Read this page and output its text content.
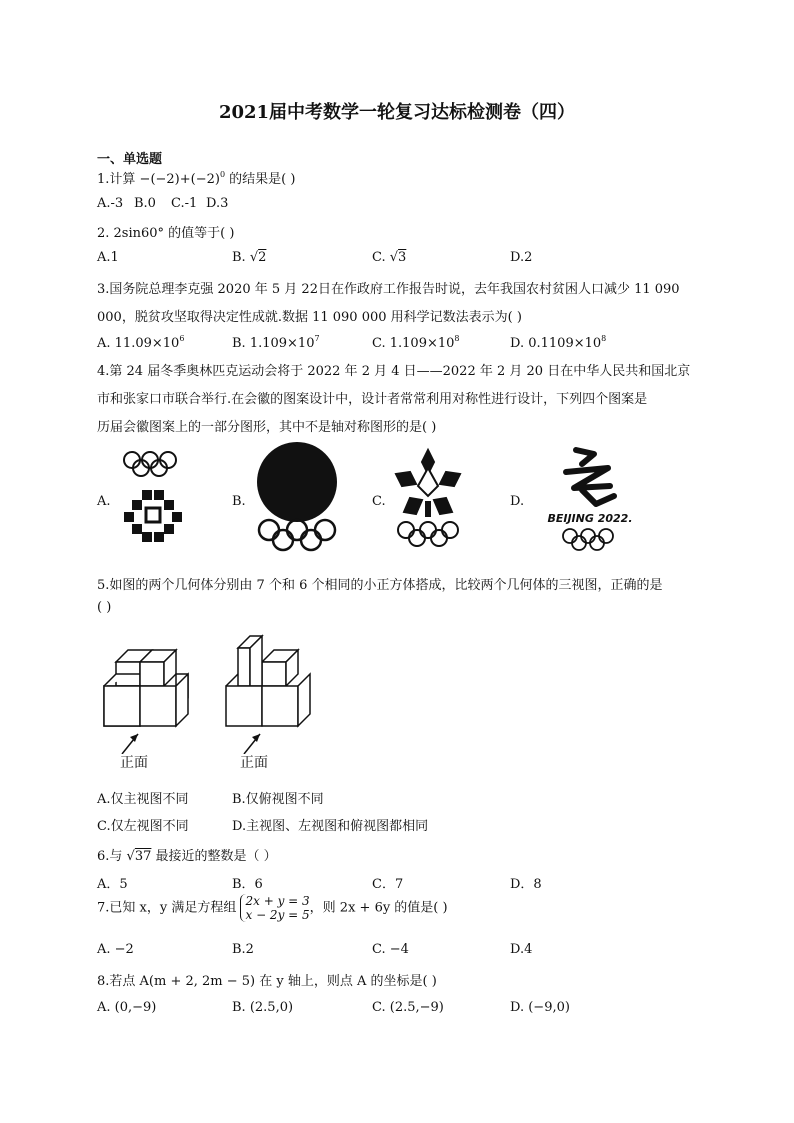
2021届中考数学一轮复习达标检测卷（四）
一、单选题
1.计算 $-(-2)+(-2)^0$ 的结果是( )
A.-3 B.0 C.-1 D.3
2. 2sin60° 的值等于( )
A.1	B. √2	C. √3	D.2
3.国务院总理李克强 2020 年 5 月 22日在作政府工作报告时说，去年我国农村贫困人口减少 11 090
000，脱贫攻坚取得决定性成就.数据 11 090 000 用科学记数法表示为( )
A. $11.09\times 10^6$	B. $1.109\times 10^7$	C. $1.109\times 10^8$	D. $0.1109\times 10^8$
4.第 24 届冬季奥林匹克运动会将于 2022 年 2 月 4 日——2022 年 2 月 20 日在中华人民共和国北京
市和张家口市联合举行.在会徽的图案设计中，设计者常常利用对称性进行设计，下列四个图案是
历届会徽图案上的一部分图形，其中不是轴对称图形的是( )
A.	B.	C.	D.
BEIJING 2022.
5.如图的两个几何体分别由 7 个和 6 个相同的小正方体搭成，比较两个几何体的三视图，正确的是
( )
正面	正面
A.仅主视图不同	B.仅俯视图不同
C.仅左视图不同	D.主视图、左视图和俯视图都相同
6.与 √37 最接近的整数是（ ）
A．5	B．6	C．7	D．8
7.已知 x，y 满足方程组 2x + y = 3
x − 2y = 5 ，则 2x + 6y 的值是( )
A. −2	B.2	C. −4	D.4
8.若点 A(m + 2, 2m − 5) 在 y 轴上，则点 A 的坐标是( )
A. (0,−9)	B. (2.5,0)	C. (2.5,−9)	D. (−9,0)
